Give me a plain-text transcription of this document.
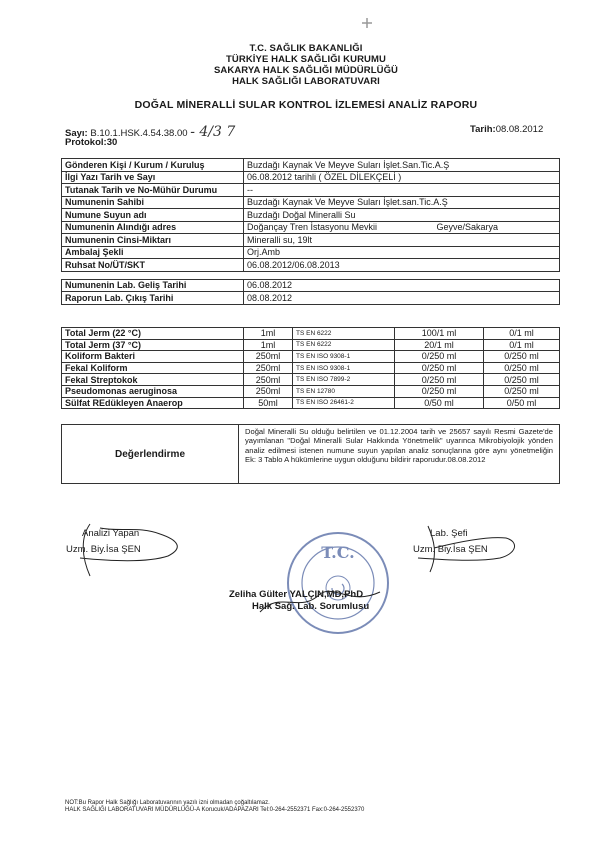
T.C. SAĞLIK BAKANLIĞI
TÜRKİYE HALK SAĞLIĞI KURUMU
SAKARYA HALK SAĞLIĞI MÜDÜRLÜĞÜ
HALK SAĞLIĞI LABORATUVARI
DOĞAL MİNERALLİ SULAR KONTROL İZLEMESİ ANALİZ RAPORU
Sayı: B.10.1.HSK.4.54.38.00 - 4/3 7
Protokol:30
Tarih:08.08.2012
Gönderen Kişi / Kurum / Kuruluş	Buzdağı Kaynak Ve Meyve Suları İşlet.San.Tic.A.Ş
İlgi Yazı Tarih ve Sayı	06.08.2012 tarihli ( ÖZEL DİLEKÇELİ )
Tutanak Tarih ve No-Mühür Durumu	--
Numunenin Sahibi	Buzdağı Kaynak Ve Meyve Suları İşlet.san.Tic.A.Ş
Numune Suyun adı	Buzdağı Doğal Mineralli Su
Numunenin Alındığı adres	Doğançay Tren İstasyonu Mevkii Geyve/Sakarya

Numunenin Cinsi-Miktarı	Mineralli su, 19lt
Ambalaj Şekli	Orj.Amb
Ruhsat No/ÜT/SKT	06.08.2012/06.08.2013

Numunenin Lab. Geliş Tarihi	06.08.2012
Raporun Lab. Çıkış Tarihi	08.08.2012
Total Jerm (22 °C)	1ml	TS EN 6222	100/1 ml	0/1 ml
Total Jerm (37 °C)	1ml	TS EN 6222	20/1 ml	0/1 ml
Koliform Bakteri	250ml	TS EN ISO 9308-1	0/250 ml	0/250 ml
Fekal Koliform	250ml	TS EN ISO 9308-1	0/250 ml	0/250 ml
Fekal Streptokok	250ml	TS EN ISO 7899-2	0/250 ml	0/250 ml
Pseudomonas aeruginosa	250ml	TS EN 12780	0/250 ml	0/250 ml
Sülfat REdükleyen Anaerop	50ml	TS EN ISO 26461-2	0/50 ml	0/50 ml
Değerlendirme
Doğal Mineralli Su olduğu belirtilen ve 01.12.2004 tarih ve 25657 sayılı Resmi Gazete'de yayımlanan "Doğal Mineralli Sular Hakkında Yönetmelik" uyarınca Mikrobiyolojik yönden analiz edilmesi istenen numune suyun yapılan analiz sonuçlarına göre aynı yönetmeliğin Ek: 3 Tablo A hükümlerine uygun olduğunu bildirir raporudur.08.08.2012
Analizi Yapan
Uzm. Biy.İsa ŞEN
Lab. Şefi
Uzm. Biy.İsa ŞEN
T.C.
Zeliha Gülter YALÇIN,MD,PhD
Halk Sağ. Lab. Sorumlusu
NOT:Bu Rapor Halk Sağlığı Laboratuvarının yazılı izni olmadan çoğaltılamaz.
HALK SAĞLIĞI LABORATUVARI MÜDÜRLÜĞÜ-A Korucuk/ADAPAZARI Tel:0-264-2552371 Fax:0-264-2552370
